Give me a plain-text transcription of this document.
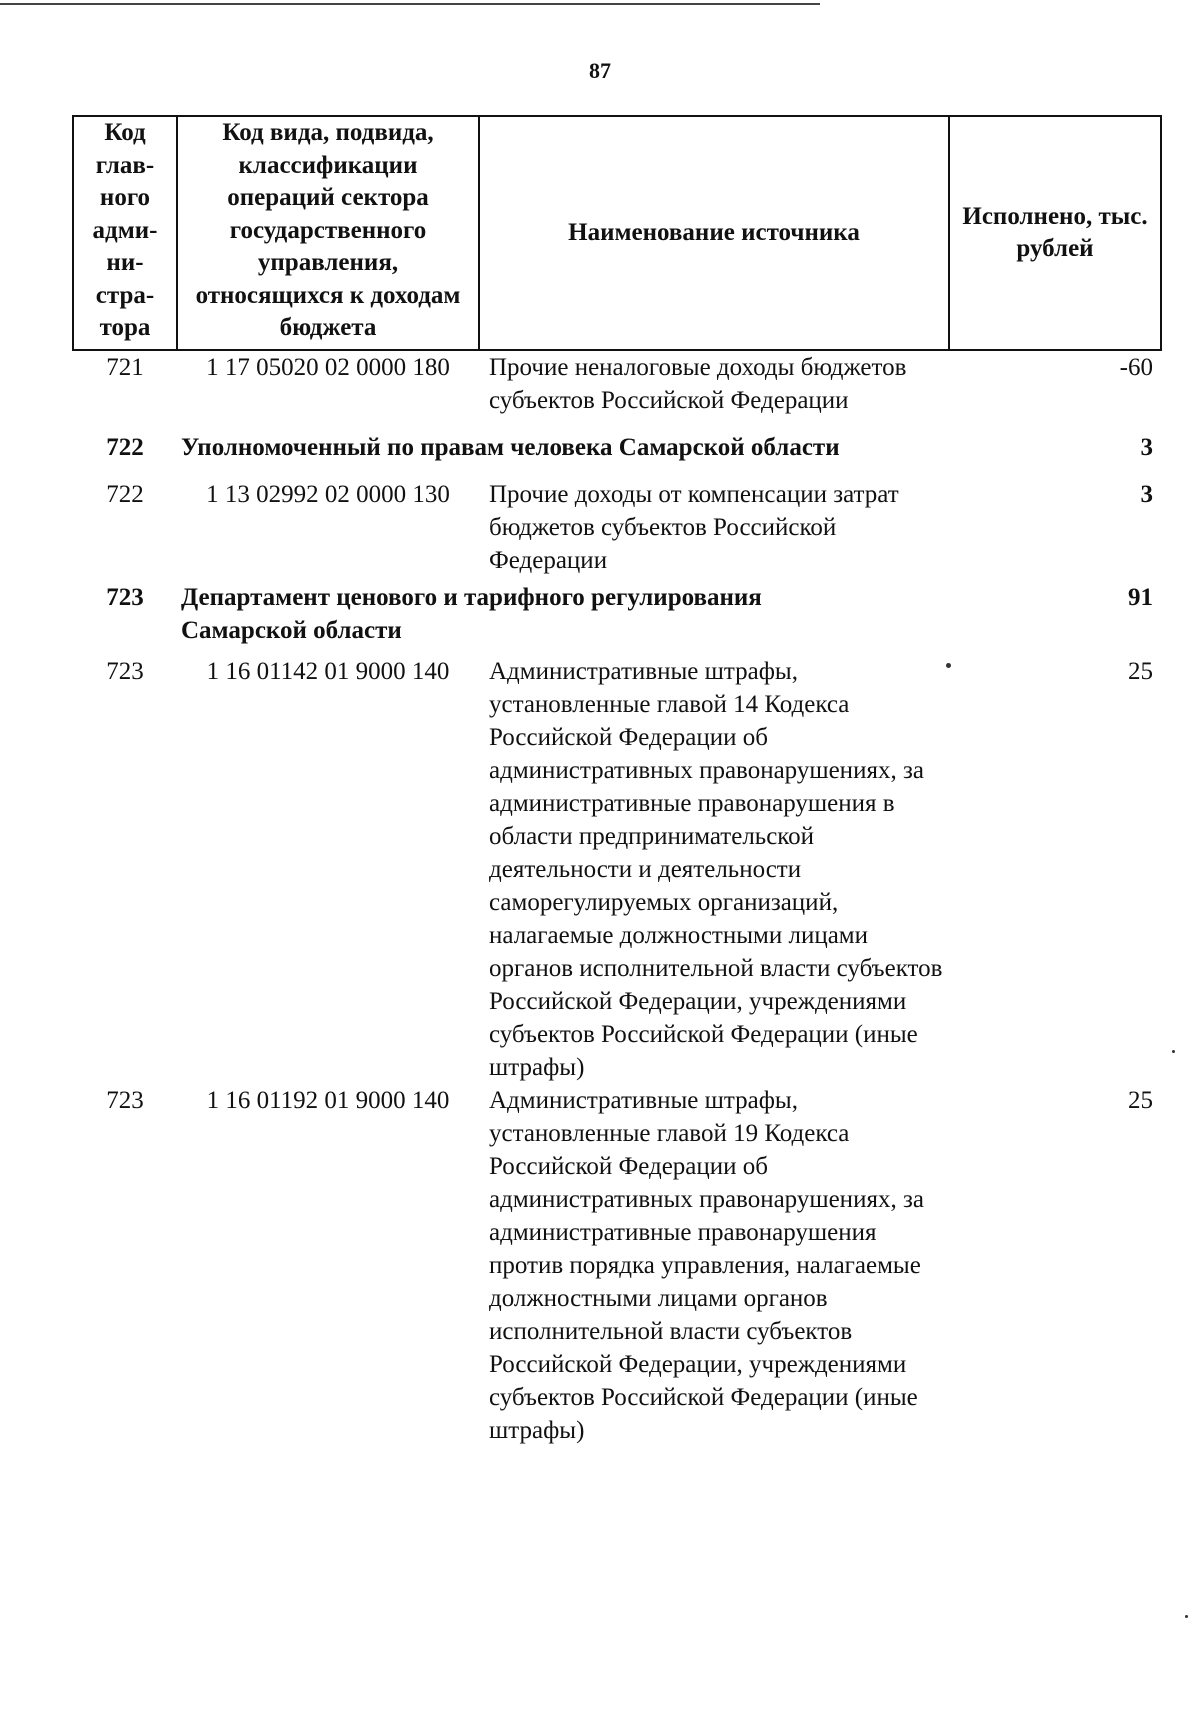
87
Код глав-ного адми-ни-стра-тора	Код вида, подвида, классификации операций сектора государственного управления, относящихся к доходам бюджета	Наименование источника	Исполнено, тыс. рублей
721	1 17 05020 02 0000 180	Прочие неналоговые доходы бюджетов субъектов Российской Федерации	-60
722	Уполномоченный по правам человека Самарской области		3
722	1 13 02992 02 0000 130	Прочие доходы от компенсации затрат бюджетов субъектов Российской Федерации	3
723	Департамент ценового и тарифного регулирования Самарской области		91
723	1 16 01142 01 9000 140	Административные штрафы, установленные главой 14 Кодекса Российской Федерации об административных правонарушениях, за административные правонарушения в области предпринимательской деятельности и деятельности саморегулируемых организаций, налагаемые должностными лицами органов исполнительной власти субъектов Российской Федерации, учреждениями субъектов Российской Федерации (иные штрафы)	25
723	1 16 01192 01 9000 140	Административные штрафы, установленные главой 19 Кодекса Российской Федерации об административных правонарушениях, за административные правонарушения против порядка управления, налагаемые должностными лицами органов исполнительной власти субъектов Российской Федерации, учреждениями субъектов Российской Федерации (иные штрафы)	25
